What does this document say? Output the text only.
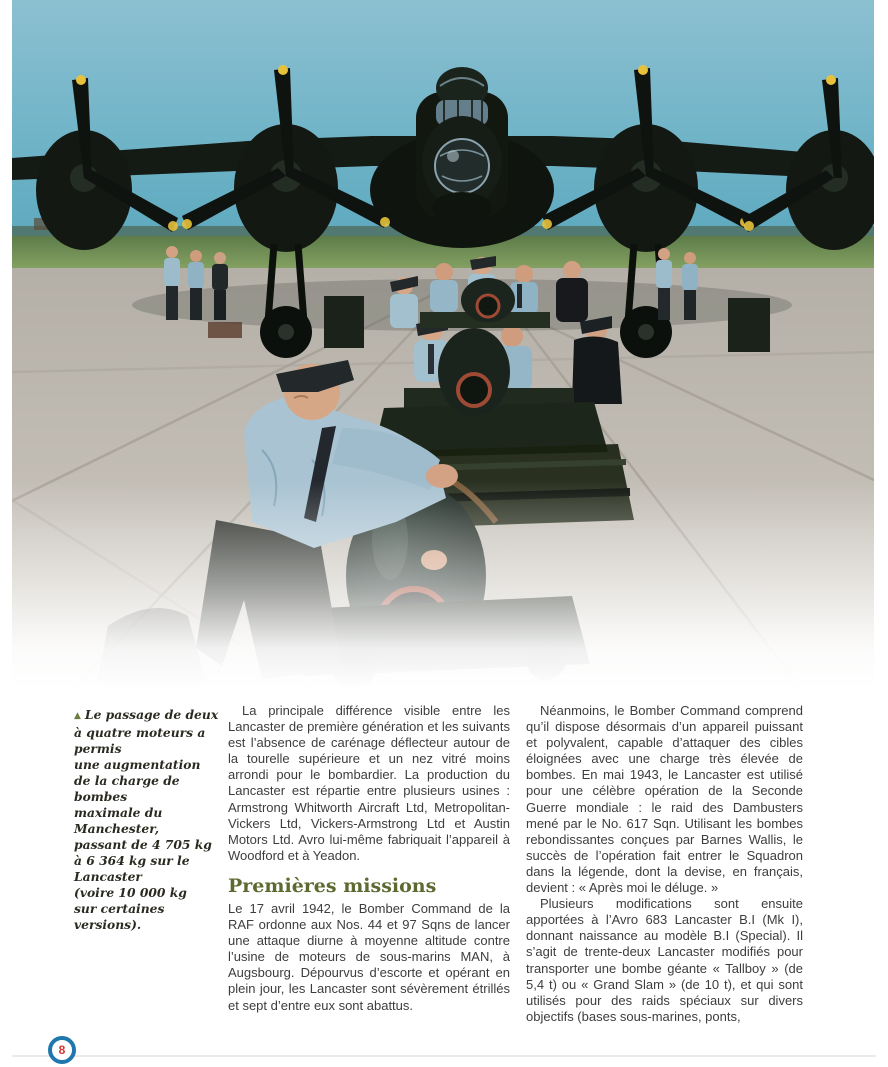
▲ Le passage de deux
à quatre moteurs a permis
une augmentation
de la charge de bombes
maximale du Manchester,
passant de 4 705 kg
à 6 364 kg sur le Lancaster
(voire 10 000 kg
sur certaines versions).

La principale différence visible entre les Lancaster de première génération et les suivants est l’absence de carénage déflecteur autour de la tourelle supérieure et un nez vitré moins arrondi pour le bombardier. La production du Lancaster est répartie entre plusieurs usines : Armstrong Whitworth Aircraft Ltd, Metropolitan-Vickers Ltd, Vickers-Armstrong Ltd et Austin Motors Ltd. Avro lui-même fabriquait l’appareil à Woodford et à Yeadon.

Premières missions

Le 17 avril 1942, le Bomber Command de la RAF ordonne aux Nos. 44 et 97 Sqns de lancer une attaque diurne à moyenne altitude contre l’usine de moteurs de sous-marins MAN, à Augsbourg. Dépourvus d’escorte et opérant en plein jour, les Lancaster sont sévèrement étrillés et sept d’entre eux sont abattus.

Néanmoins, le Bomber Command comprend qu’il dispose désormais d’un appareil puissant et polyvalent, capable d’attaquer des cibles éloignées avec une charge très élevée de bombes. En mai 1943, le Lancaster est utilisé pour une célèbre opération de la Seconde Guerre mondiale : le raid des Dambusters mené par le No. 617 Sqn. Utilisant les bombes rebondissantes conçues par Barnes Wallis, le succès de l’opération fait entrer le Squadron dans la légende, dont la devise, en français, devient : « Après moi le déluge. »

Plusieurs modifications sont ensuite apportées à l’Avro 683 Lancaster B.I (Mk I), donnant naissance au modèle B.I (Special). Il s’agit de trente-deux Lancaster modifiés pour transporter une bombe géante « Tallboy » (de 5,4 t) ou « Grand Slam » (de 10 t), et qui sont utilisés pour des raids spéciaux sur divers objectifs (bases sous-marines, ponts,

8
